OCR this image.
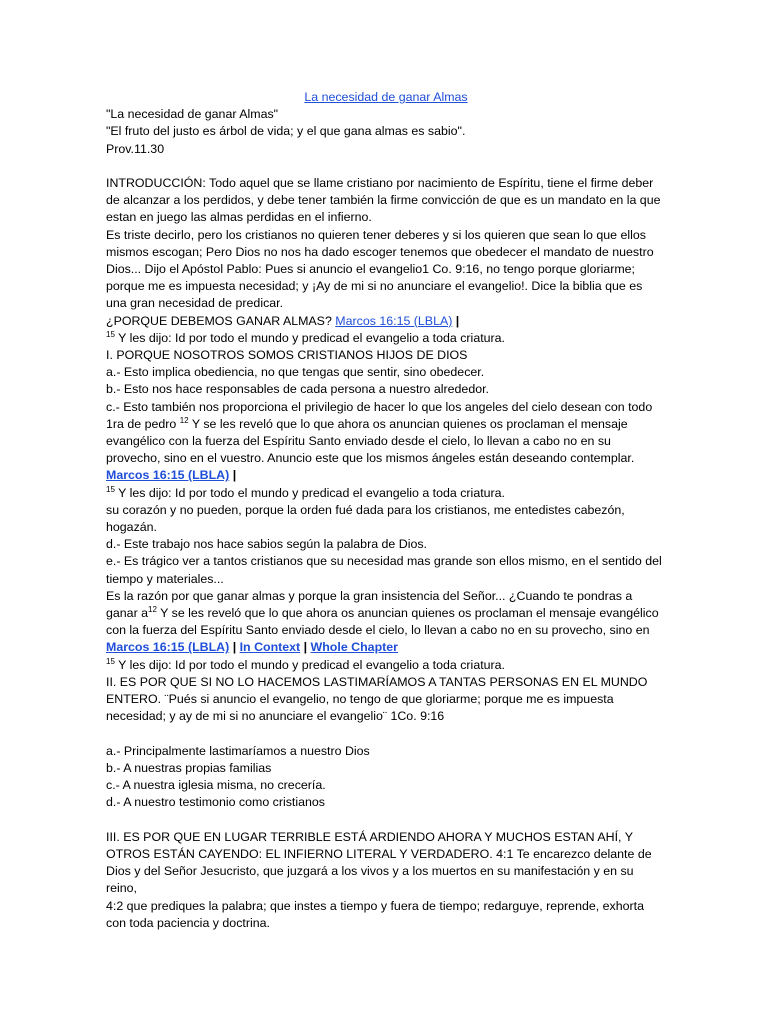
La necesidad de ganar Almas

"La necesidad de ganar Almas"

"El fruto del justo es árbol de vida; y el que gana almas es sabio".

Prov.11.30

INTRODUCCIÓN: Todo aquel que se llame cristiano por nacimiento de Espíritu, tiene el firme deber de alcanzar a los perdidos, y debe tener también la firme convicción de que es un mandato en la que estan en juego las almas perdidas en el infierno.

Es triste decirlo, pero los cristianos no quieren tener deberes y si los quieren que sean lo que ellos mismos escogan; Pero Dios no nos ha dado escoger tenemos que obedecer el mandato de nuestro Dios... Dijo el Apóstol Pablo: Pues si anuncio el evangelio1 Co. 9:16, no tengo porque gloriarme; porque me es impuesta necesidad; y ¡Ay de mi si no anunciare el evangelio!. Dice la biblia que es una gran necesidad de predicar.

¿PORQUE DEBEMOS GANAR ALMAS? Marcos 16:15 (LBLA) |

$^{15}$ Y les dijo: Id por todo el mundo y predicad el evangelio a toda criatura.

I. PORQUE NOSOTROS SOMOS CRISTIANOS HIJOS DE DIOS

a.- Esto implica obediencia, no que tengas que sentir, sino obedecer.

b.- Esto nos hace responsables de cada persona a nuestro alrededor.

c.- Esto también nos proporciona el privilegio de hacer lo que los angeles del cielo desean con todo 1ra de pedro $^{12}$ Y se les reveló que lo que ahora os anuncian quienes os proclaman el mensaje evangélico con la fuerza del Espíritu Santo enviado desde el cielo, lo llevan a cabo no en su provecho, sino en el vuestro. Anuncio este que los mismos ángeles están deseando contemplar.

Marcos 16:15 (LBLA) |

$^{15}$ Y les dijo: Id por todo el mundo y predicad el evangelio a toda criatura.

su corazón y no pueden, porque la orden fué dada para los cristianos, me entedistes cabezón, hogazán.

d.- Este trabajo nos hace sabios según la palabra de Dios.

e.- Es trágico ver a tantos cristianos que su necesidad mas grande son ellos mismo, en el sentido del tiempo y materiales...

Es la razón por que ganar almas y porque la gran insistencia del Señor... ¿Cuando te pondras a ganar $a^{12}$ Y se les reveló que lo que ahora os anuncian quienes os proclaman el mensaje evangélico con la fuerza del Espíritu Santo enviado desde el cielo, lo llevan a cabo no en su provecho, sino en

Marcos 16:15 (LBLA) | In Context | Whole Chapter

$^{15}$ Y les dijo: Id por todo el mundo y predicad el evangelio a toda criatura.

II. ES POR QUE SI NO LO HACEMOS LASTIMARÍAMOS A TANTAS PERSONAS EN EL MUNDO ENTERO. ¨Pués si anuncio el evangelio, no tengo de que gloriarme; porque me es impuesta necesidad; y ay de mi si no anunciare el evangelio¨ 1Co. 9:16

a.- Principalmente lastimaríamos a nuestro Dios

b.- A nuestras propias familias

c.- A nuestra iglesia misma, no crecería.

d.- A nuestro testimonio como cristianos

III. ES POR QUE EN LUGAR TERRIBLE ESTÁ ARDIENDO AHORA Y MUCHOS ESTAN AHÍ, Y OTROS ESTÁN CAYENDO: EL INFIERNO LITERAL Y VERDADERO. 4:1 Te encarezco delante de Dios y del Señor Jesucristo, que juzgará a los vivos y a los muertos en su manifestación y en su reino,

4:2 que prediques la palabra; que instes a tiempo y fuera de tiempo; redarguye, reprende, exhorta con toda paciencia y doctrina.
